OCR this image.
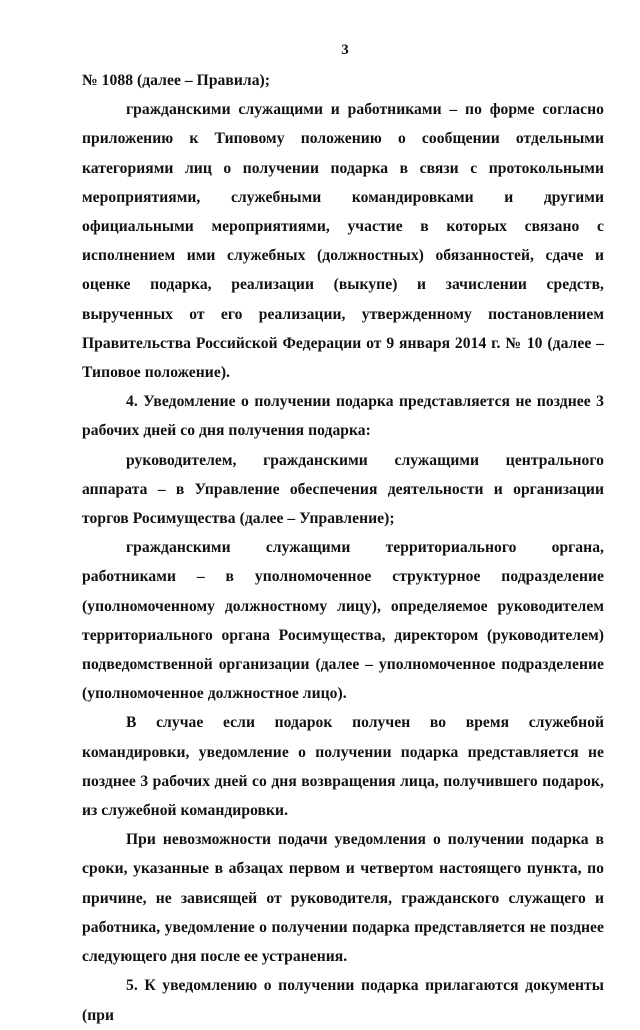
3

№ 1088 (далее – Правила);

гражданскими служащими и работниками – по форме согласно приложению к Типовому положению о сообщении отдельными категориями лиц о получении подарка в связи с протокольными мероприятиями, служебными командировками и другими официальными мероприятиями, участие в которых связано с исполнением ими служебных (должностных) обязанностей, сдаче и оценке подарка, реализации (выкупе) и зачислении средств, вырученных от его реализации, утвержденному постановлением Правительства Российской Федерации от 9 января 2014 г. № 10 (далее – Типовое положение).

4. Уведомление о получении подарка представляется не позднее 3 рабочих дней со дня получения подарка:

руководителем, гражданскими служащими центрального аппарата – в Управление обеспечения деятельности и организации торгов Росимущества (далее – Управление);

гражданскими служащими территориального органа, работниками – в уполномоченное структурное подразделение (уполномоченному должностному лицу), определяемое руководителем территориального органа Росимущества, директором (руководителем) подведомственной организации (далее – уполномоченное подразделение (уполномоченное должностное лицо).

В случае если подарок получен во время служебной командировки, уведомление о получении подарка представляется не позднее 3 рабочих дней со дня возвращения лица, получившего подарок, из служебной командировки.

При невозможности подачи уведомления о получении подарка в сроки, указанные в абзацах первом и четвертом настоящего пункта, по причине, не зависящей от руководителя, гражданского служащего и работника, уведомление о получении подарка представляется не позднее следующего дня после ее устранения.

5. К уведомлению о получении подарка прилагаются документы (при
